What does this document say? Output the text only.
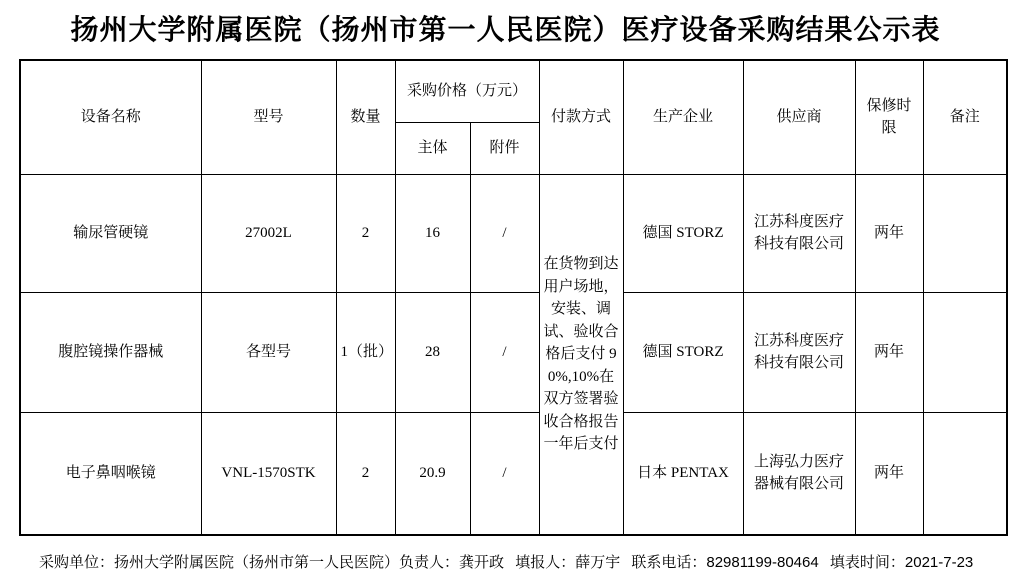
扬州大学附属医院（扬州市第一人民医院）医疗设备采购结果公示表
设备名称	型号	数量	采购价格（万元）		付款方式	生产企业	供应商	保修时限	备注
			主体	附件					
输尿管硬镜	27002L	2	16	/	在货物到达用户场地，安装、调试、验收合格后支付 90%,10%在双方签署验收合格报告一年后支付	德国 STORZ	江苏科度医疗科技有限公司	两年	
腹腔镜操作器械	各型号	1（批）	28	/		德国 STORZ	江苏科度医疗科技有限公司	两年	
电子鼻咽喉镜	VNL-1570STK	2	20.9	/		日本 PENTAX	上海弘力医疗器械有限公司	两年	
采购单位：扬州大学附属医院（扬州市第一人民医院）负责人：龚开政 填报人：薛万宇 联系电话：82981199-80464 填表时间：2021-7-23
